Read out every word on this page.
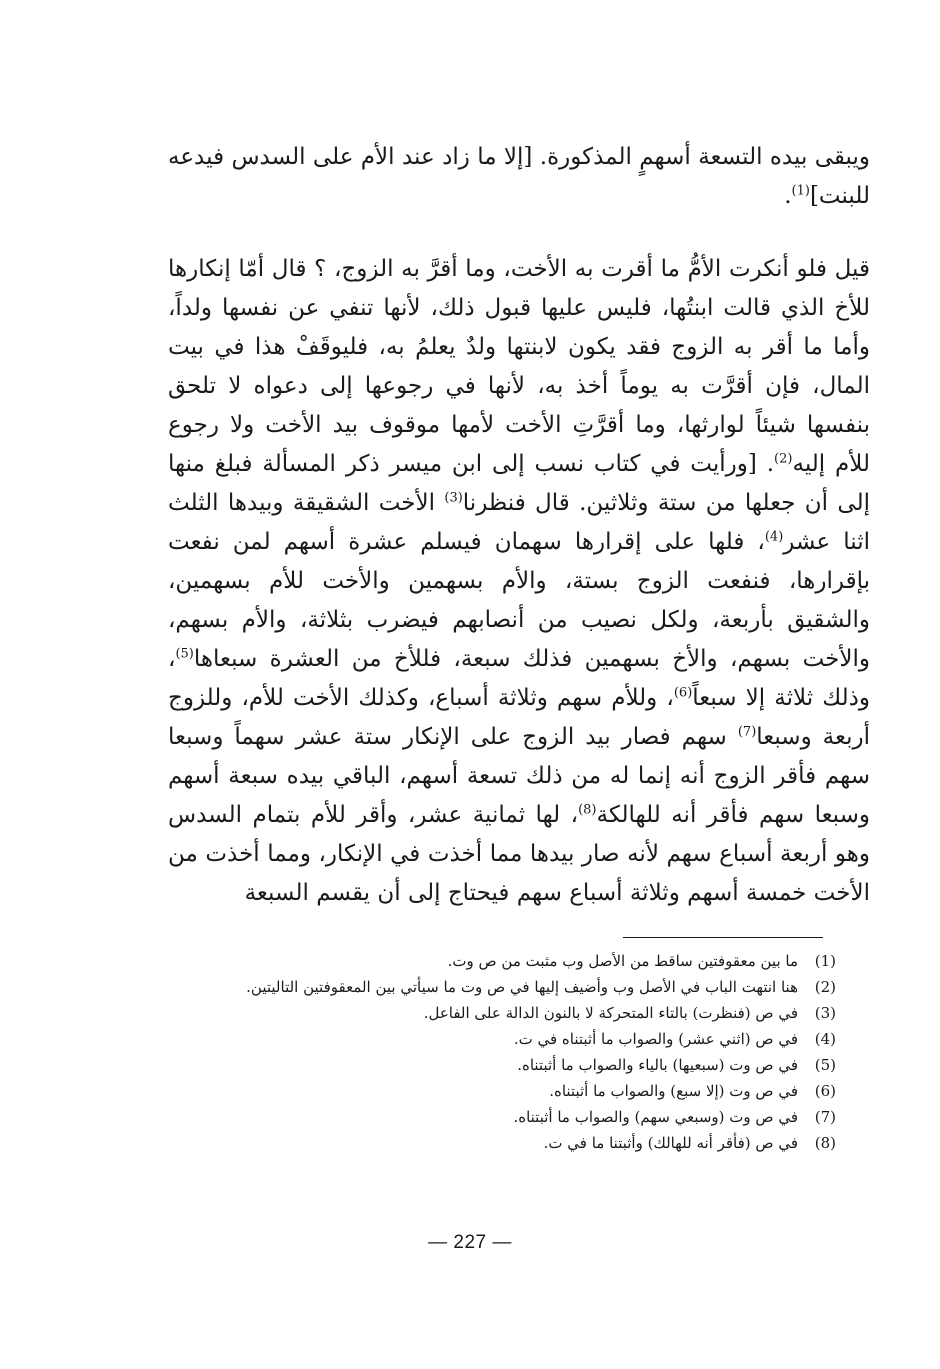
ويبقى بيده التسعة أسهمٍ المذكورة. [إلا ما زاد عند الأم على السدس فيدعه للبنت]$^{(1)}$.

قيل فلو أنكرت الأمُّ ما أقرت به الأخت، وما أقرَّ به الزوج، ؟ قال أمّا إنكارها للأخ الذي قالت ابنتُها، فليس عليها قبول ذلك، لأنها تنفي عن نفسها ولداً، وأما ما أقر به الزوج فقد يكون لابنتها ولدٌ يعلمُ به، فليوقَفْ هذا في بيت المال، فإن أقرَّت به يوماً أخذ به، لأنها في رجوعها إلى دعواه لا تلحق بنفسها شيئاً لوارثها، وما أقرَّتِ الأخت لأمها موقوف بيد الأخت ولا رجوع للأم إليه$^{(2)}$. [ورأيت في كتاب نسب إلى ابن ميسر ذكر المسألة فبلغ منها إلى أن جعلها من ستة وثلاثين. قال فنظرنا$^{(3)}$ الأخت الشقيقة وبيدها الثلث اثنا عشر$^{(4)}$، فلها على إقرارها سهمان فيسلم عشرة أسهم لمن نفعت بإقرارها، فنفعت الزوج بستة، والأم بسهمين والأخت للأم بسهمين، والشقيق بأربعة، ولكل نصيب من أنصابهم فيضرب بثلاثة، والأم بسهم، والأخت بسهم، والأخ بسهمين فذلك سبعة، فللأخ من العشرة سبعاها$^{(5)}$، وذلك ثلاثة إلا سبعاً$^{(6)}$، وللأم سهم وثلاثة أسباع، وكذلك الأخت للأم، وللزوج أربعة وسبعا$^{(7)}$ سهم فصار بيد الزوج على الإنكار ستة عشر سهماً وسبعا سهم فأقر الزوج أنه إنما له من ذلك تسعة أسهم، الباقي بيده سبعة أسهم وسبعا سهم فأقر أنه للهالكة$^{(8)}$، لها ثمانية عشر، وأقر للأم بتمام السدس وهو أربعة أسباع سهم لأنه صار بيدها مما أخذت في الإنكار، ومما أخذت من الأخت خمسة أسهم وثلاثة أسباع سهم فيحتاج إلى أن يقسم السبعة

(1)
ما بين معقوفتين ساقط من الأصل وب مثبت من ص وت.
(2)
هنا انتهت الباب في الأصل وب وأضيف إليها في ص وت ما سيأتي بين المعقوفتين التاليتين.
(3)
في ص (فنظرت) بالتاء المتحركة لا بالنون الدالة على الفاعل.
(4)
في ص (اثني عشر) والصواب ما أثبتناه في ت.
(5)
في ص وت (سبعيها) بالياء والصواب ما أثبتناه.
(6)
في ص وت (إلا سبع) والصواب ما أثبتناه.
(7)
في ص وت (وسبعي سهم) والصواب ما أثبتناه.
(8)
في ص (فأقر أنه للهالك) وأثبتنا ما في ت.
— 227 —
